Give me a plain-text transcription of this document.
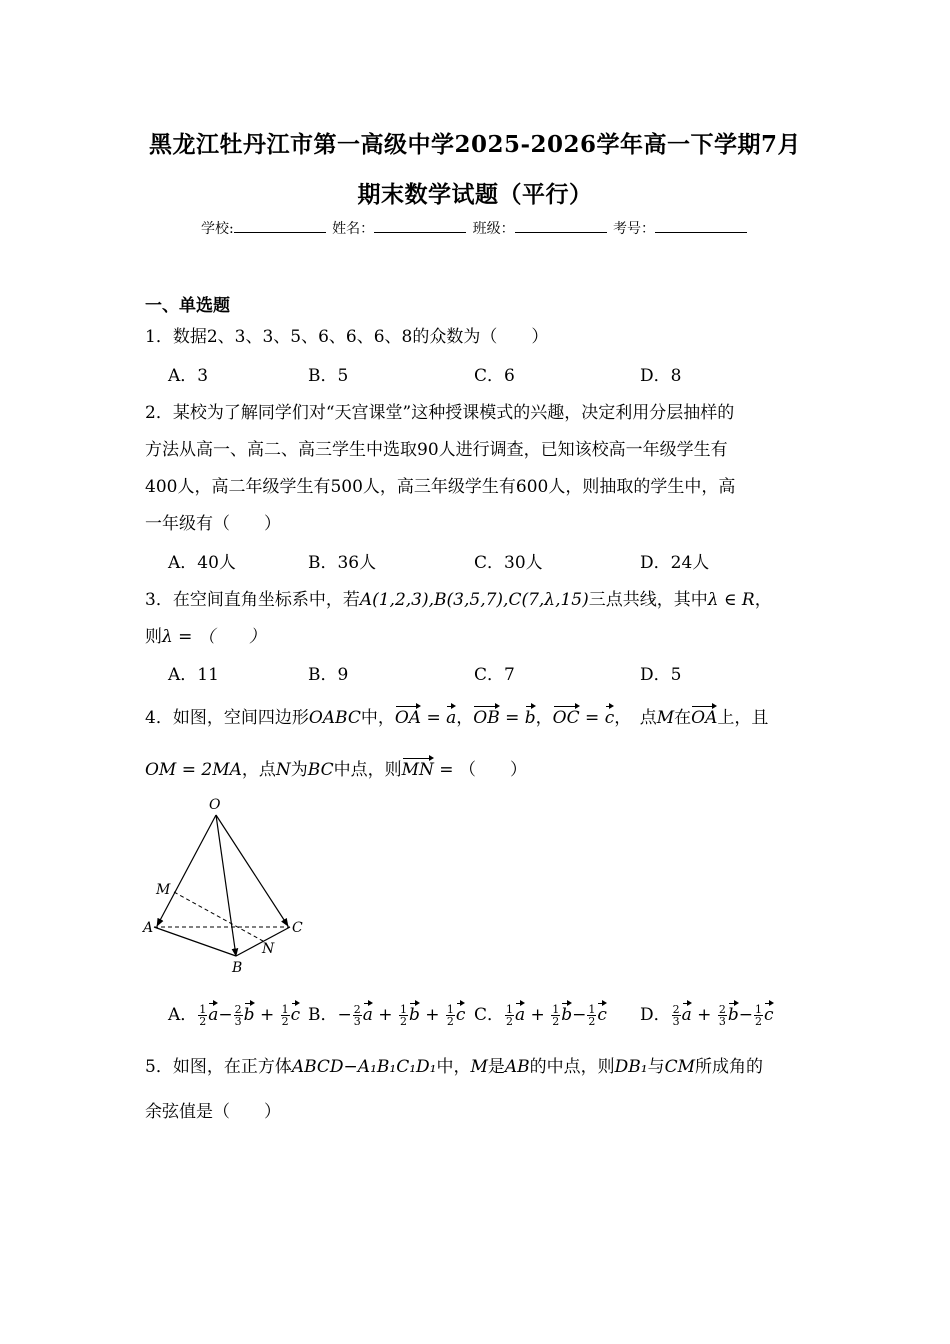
黑龙江牡丹江市第一高级中学2025-2026学年高一下学期7月
期末数学试题（平行）
学校:	姓名：	班级：	考号：
一、单选题
1．数据2、3、3、5、6、6、6、8的众数为（　　）
A．3	B．5	C．6	D．8
2．某校为了解同学们对“天宫课堂”这种授课模式的兴趣，决定利用分层抽样的
方法从高一、高二、高三学生中选取90人进行调查，已知该校高一年级学生有
400人，高二年级学生有500人，高三年级学生有600人，则抽取的学生中，高
一年级有（　　）
A．40人	B．36人	C．30人	D．24人
3．在空间直角坐标系中，若A(1,2,3),B(3,5,7),C(7,λ,15)三点共线，其中λ ∈ R，
则λ = （　　）
A．11	B．9	C．7	D．5
4．如图，空间四边形OABC中，OA = a，OB = b，OC = c，　点M在OA上，且
OM = 2MA，点N为BC中点，则MN = （　　）
O
M
A	C
N
B
A． $\frac{1}{2} a- \frac{2}{3}$ $b + \frac{1}{2}$ c B．− $\frac{2}{3}$ $a + \frac{1}{2}$ $b + \frac{1}{2}$ c C． $\frac{1}{2}$ $a + \frac{1}{2} b- \frac{1}{2}$ c D． $\frac{2}{3}$ $a + \frac{2}{3} b- \frac{1}{2}$ c
5．如图，在正方体ABCD−A₁B₁C₁D₁中，M是AB的中点，则DB₁与CM所成角的
余弦值是（　　）
